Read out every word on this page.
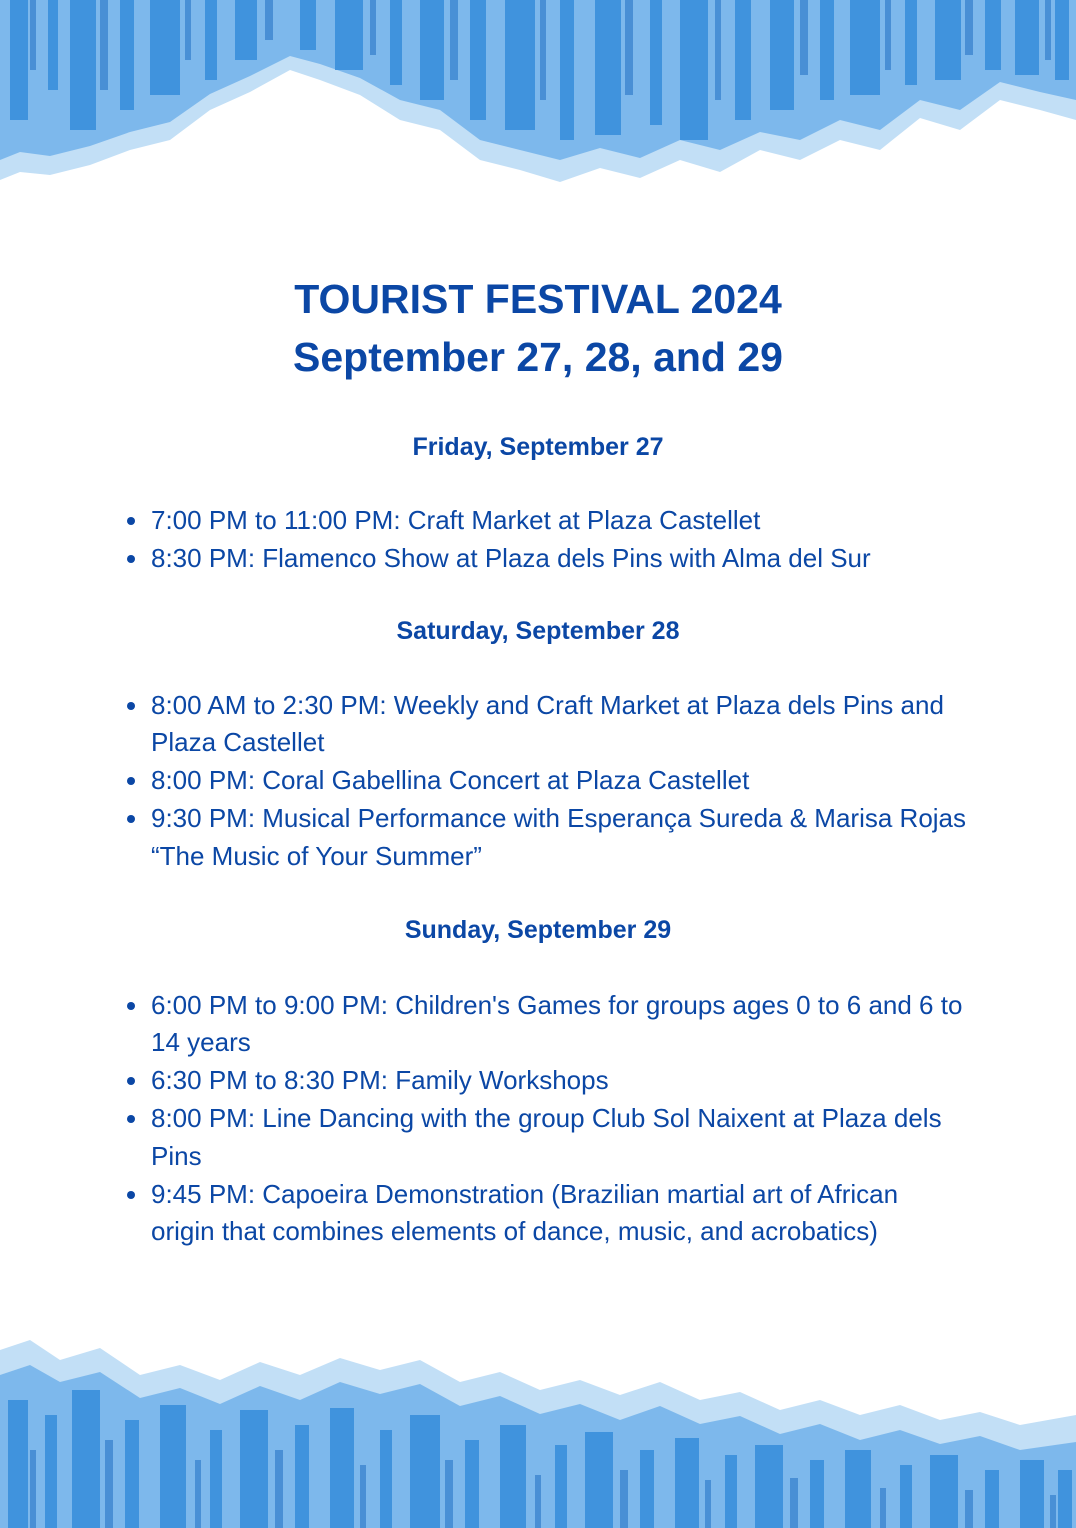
TOURIST FESTIVAL 2024
September 27, 28, and 29
Friday, September 27
7:00 PM to 11:00 PM: Craft Market at Plaza Castellet
8:30 PM: Flamenco Show at Plaza dels Pins with Alma del Sur
Saturday, September 28
8:00 AM to 2:30 PM: Weekly and Craft Market at Plaza dels Pins and Plaza Castellet
8:00 PM: Coral Gabellina Concert at Plaza Castellet
9:30 PM: Musical Performance with Esperança Sureda & Marisa Rojas “The Music of Your Summer”
Sunday, September 29
6:00 PM to 9:00 PM: Children's Games for groups ages 0 to 6 and 6 to 14 years
6:30 PM to 8:30 PM: Family Workshops
8:00 PM: Line Dancing with the group Club Sol Naixent at Plaza dels Pins
9:45 PM: Capoeira Demonstration (Brazilian martial art of African origin that combines elements of dance, music, and acrobatics)
